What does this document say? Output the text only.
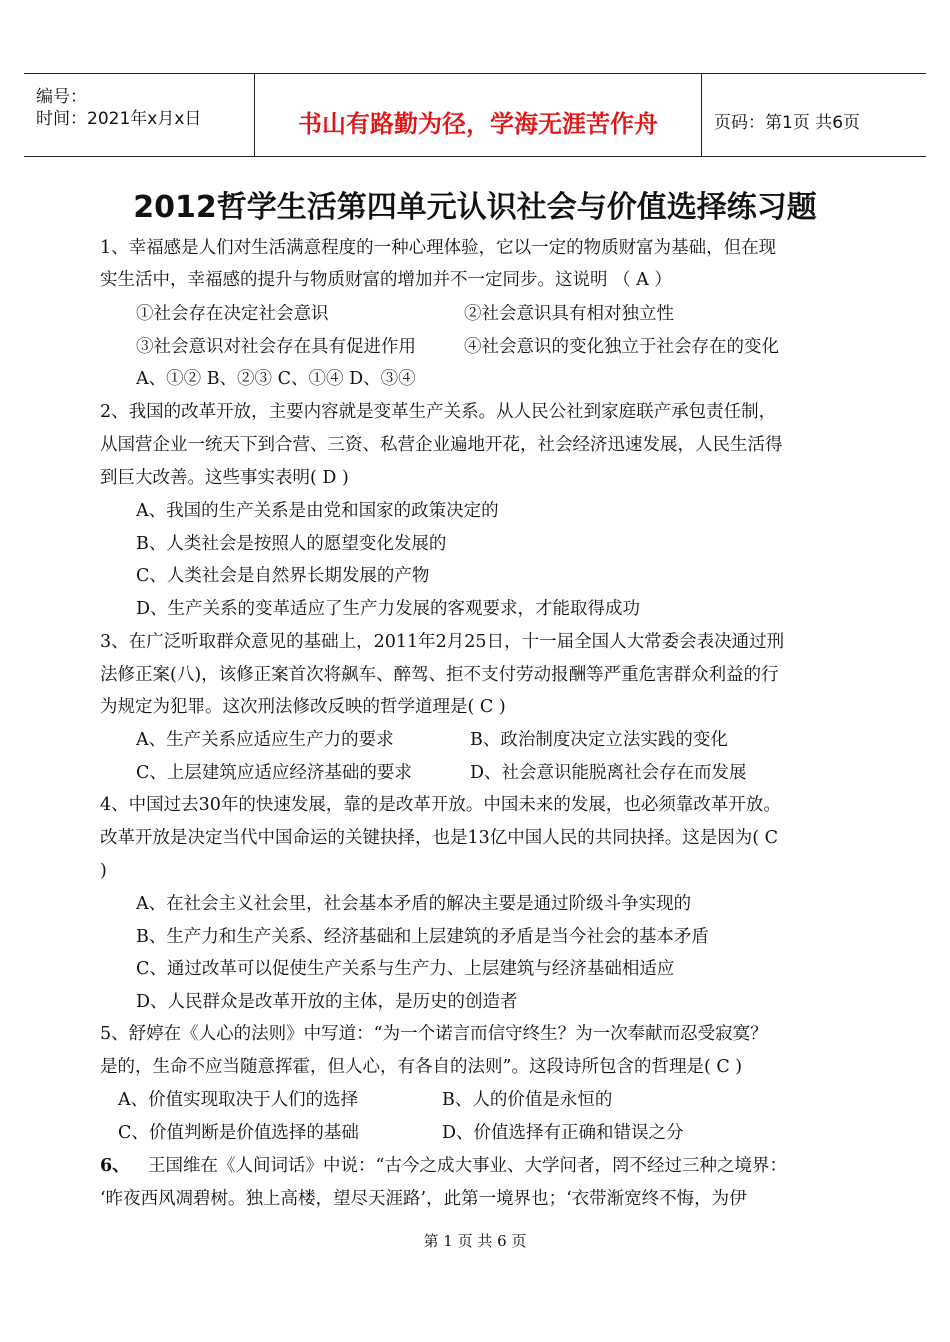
编号：
时间：2021年x月x日	书山有路勤为径，学海无涯苦作舟	页码：第1页 共6页
2012哲学生活第四单元认识社会与价值选择练习题
1、幸福感是人们对生活满意程度的一种心理体验，它以一定的物质财富为基础，但在现
实生活中，幸福感的提升与物质财富的增加并不一定同步。这说明 （ A ）
①社会存在决定社会意识	②社会意识具有相对独立性
③社会意识对社会存在具有促进作用	④社会意识的变化独立于社会存在的变化
A、①② B、②③ C、①④ D、③④
2、我国的改革开放，主要内容就是变革生产关系。从人民公社到家庭联产承包责任制，
从国营企业一统天下到合营、三资、私营企业遍地开花，社会经济迅速发展，人民生活得
到巨大改善。这些事实表明( D )
A、我国的生产关系是由党和国家的政策决定的
B、人类社会是按照人的愿望变化发展的
C、人类社会是自然界长期发展的产物
D、生产关系的变革适应了生产力发展的客观要求，才能取得成功
3、在广泛听取群众意见的基础上，2011年2月25日，十一届全国人大常委会表决通过刑
法修正案(八)，该修正案首次将飙车、醉驾、拒不支付劳动报酬等严重危害群众利益的行
为规定为犯罪。这次刑法修改反映的哲学道理是( C )
A、生产关系应适应生产力的要求	B、政治制度决定立法实践的变化
C、上层建筑应适应经济基础的要求	D、社会意识能脱离社会存在而发展
4、中国过去30年的快速发展，靠的是改革开放。中国未来的发展，也必须靠改革开放。
改革开放是决定当代中国命运的关键抉择，也是13亿中国人民的共同抉择。这是因为( C
)
A、在社会主义社会里，社会基本矛盾的解决主要是通过阶级斗争实现的
B、生产力和生产关系、经济基础和上层建筑的矛盾是当今社会的基本矛盾
C、通过改革可以促使生产关系与生产力、上层建筑与经济基础相适应
D、人民群众是改革开放的主体，是历史的创造者
5、舒婷在《人心的法则》中写道：“为一个诺言而信守终生？为一次奉献而忍受寂寞？
是的，生命不应当随意挥霍，但人心，有各自的法则”。这段诗所包含的哲理是( C )
A、价值实现取决于人们的选择	B、人的价值是永恒的
C、价值判断是价值选择的基础	D、价值选择有正确和错误之分
6、 王国维在《人间词话》中说：“古今之成大事业、大学问者，罔不经过三种之境界：
‘昨夜西风凋碧树。独上高楼，望尽天涯路’，此第一境界也；‘衣带渐宽终不悔，为伊
第 1 页 共 6 页
